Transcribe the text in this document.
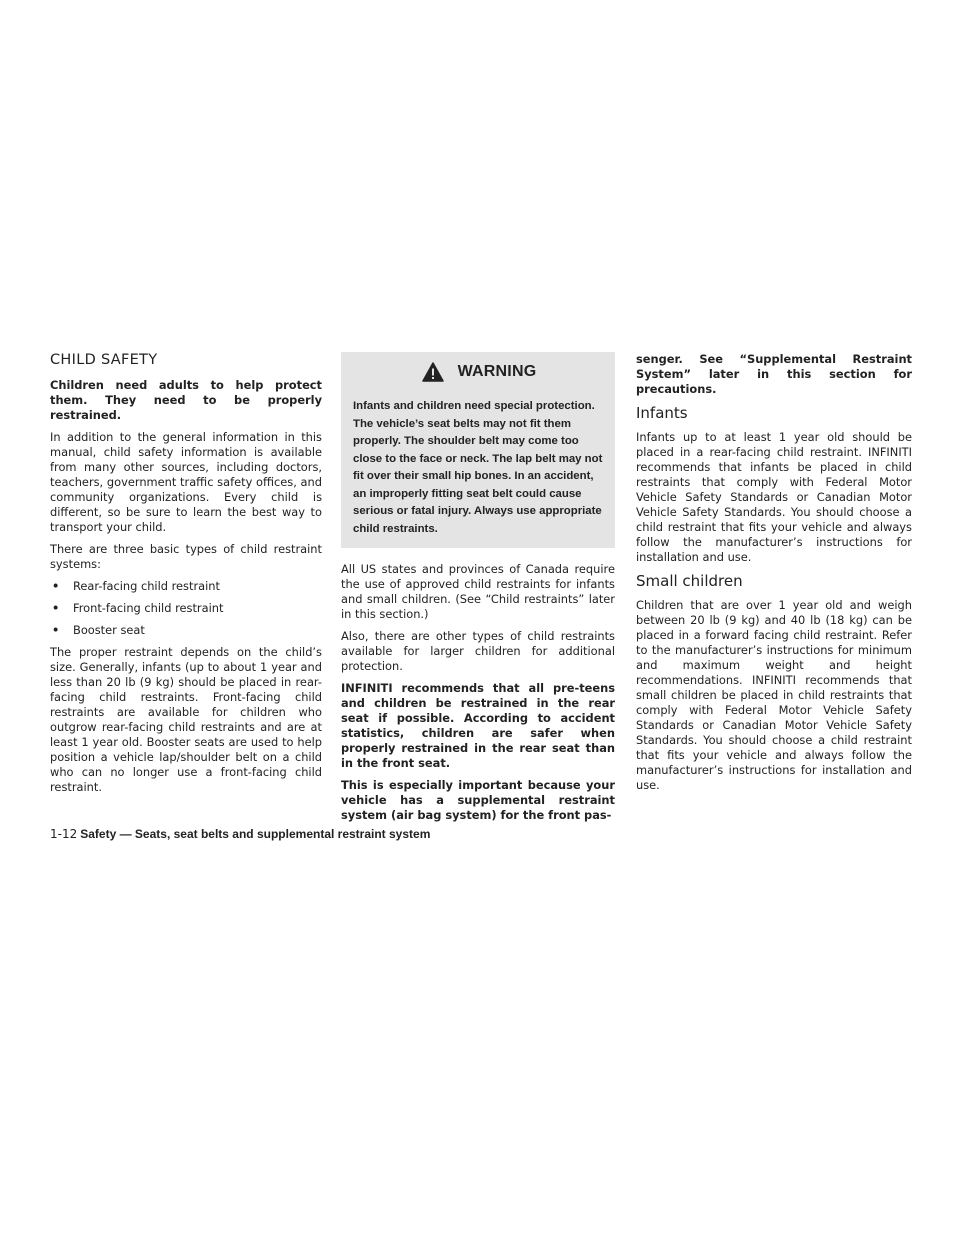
CHILD SAFETY

Children need adults to help protect them. They need to be properly restrained.

In addition to the general information in this manual, child safety information is available from many other sources, including doctors, teachers, government traffic safety offices, and community organizations. Every child is different, so be sure to learn the best way to transport your child.

There are three basic types of child restraint systems:

• Rear-facing child restraint
• Front-facing child restraint
• Booster seat

The proper restraint depends on the child’s size. Generally, infants (up to about 1 year and less than 20 lb (9 kg) should be placed in rear-facing child restraints. Front-facing child restraints are available for children who outgrow rear-facing child restraints and are at least 1 year old. Booster seats are used to help position a vehicle lap/shoulder belt on a child who can no longer use a front-facing child restraint.

WARNING

Infants and children need special protection. The vehicle’s seat belts may not fit them properly. The shoulder belt may come too close to the face or neck. The lap belt may not fit over their small hip bones. In an accident, an improperly fitting seat belt could cause serious or fatal injury. Always use appropriate child restraints.

All US states and provinces of Canada require the use of approved child restraints for infants and small children. (See “Child restraints” later in this section.)

Also, there are other types of child restraints available for larger children for additional protection.

INFINITI recommends that all pre-teens and children be restrained in the rear seat if possible. According to accident statistics, children are safer when properly restrained in the rear seat than in the front seat.

This is especially important because your vehicle has a supplemental restraint system (air bag system) for the front pas-

senger. See “Supplemental Restraint System” later in this section for precautions.

Infants

Infants up to at least 1 year old should be placed in a rear-facing child restraint. INFINITI recommends that infants be placed in child restraints that comply with Federal Motor Vehicle Safety Standards or Canadian Motor Vehicle Safety Standards. You should choose a child restraint that fits your vehicle and always follow the manufacturer’s instructions for installation and use.

Small children

Children that are over 1 year old and weigh between 20 lb (9 kg) and 40 lb (18 kg) can be placed in a forward facing child restraint. Refer to the manufacturer’s instructions for minimum and maximum weight and height recommendations. INFINITI recommends that small children be placed in child restraints that comply with Federal Motor Vehicle Safety Standards or Canadian Motor Vehicle Safety Standards. You should choose a child restraint that fits your vehicle and always follow the manufacturer’s instructions for installation and use.

1-12 Safety — Seats, seat belts and supplemental restraint system
